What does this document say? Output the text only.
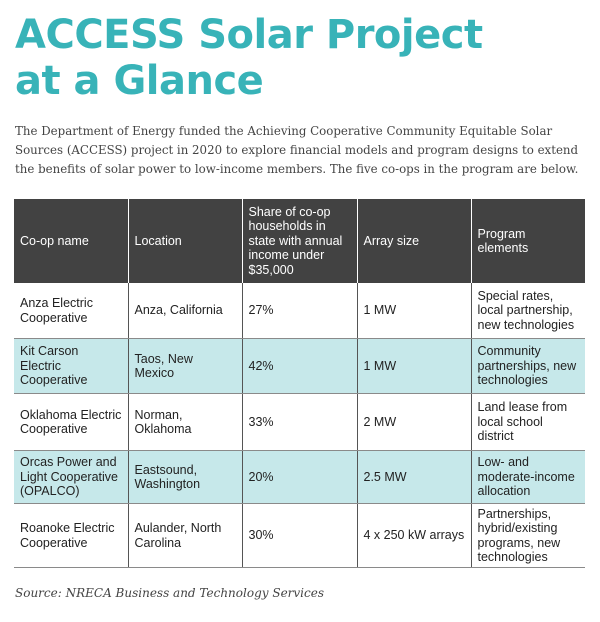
ACCESS Solar Project
at a Glance

The Department of Energy funded the Achieving Cooperative Community Equitable Solar Sources (ACCESS) project in 2020 to explore financial models and program designs to extend the benefits of solar power to low-income members. The five co-ops in the program are below.

Co-op name	Location	Share of co-op households in state with annual income under $35,000	Array size	Program elements
Anza Electric Cooperative	Anza, California	27%	1 MW	Special rates, local partnership, new technologies
Kit Carson Electric Cooperative	Taos, New Mexico	42%	1 MW	Community partnerships, new technologies
Oklahoma Electric Cooperative	Norman, Oklahoma	33%	2 MW	Land lease from local school district
Orcas Power and Light Cooperative (OPALCO)	Eastsound, Washington	20%	2.5 MW	Low- and moderate-income allocation
Roanoke Electric Cooperative	Aulander, North Carolina	30%	4 x 250 kW arrays	Partnerships, hybrid/existing programs, new technologies
Source: NRECA Business and Technology Services
